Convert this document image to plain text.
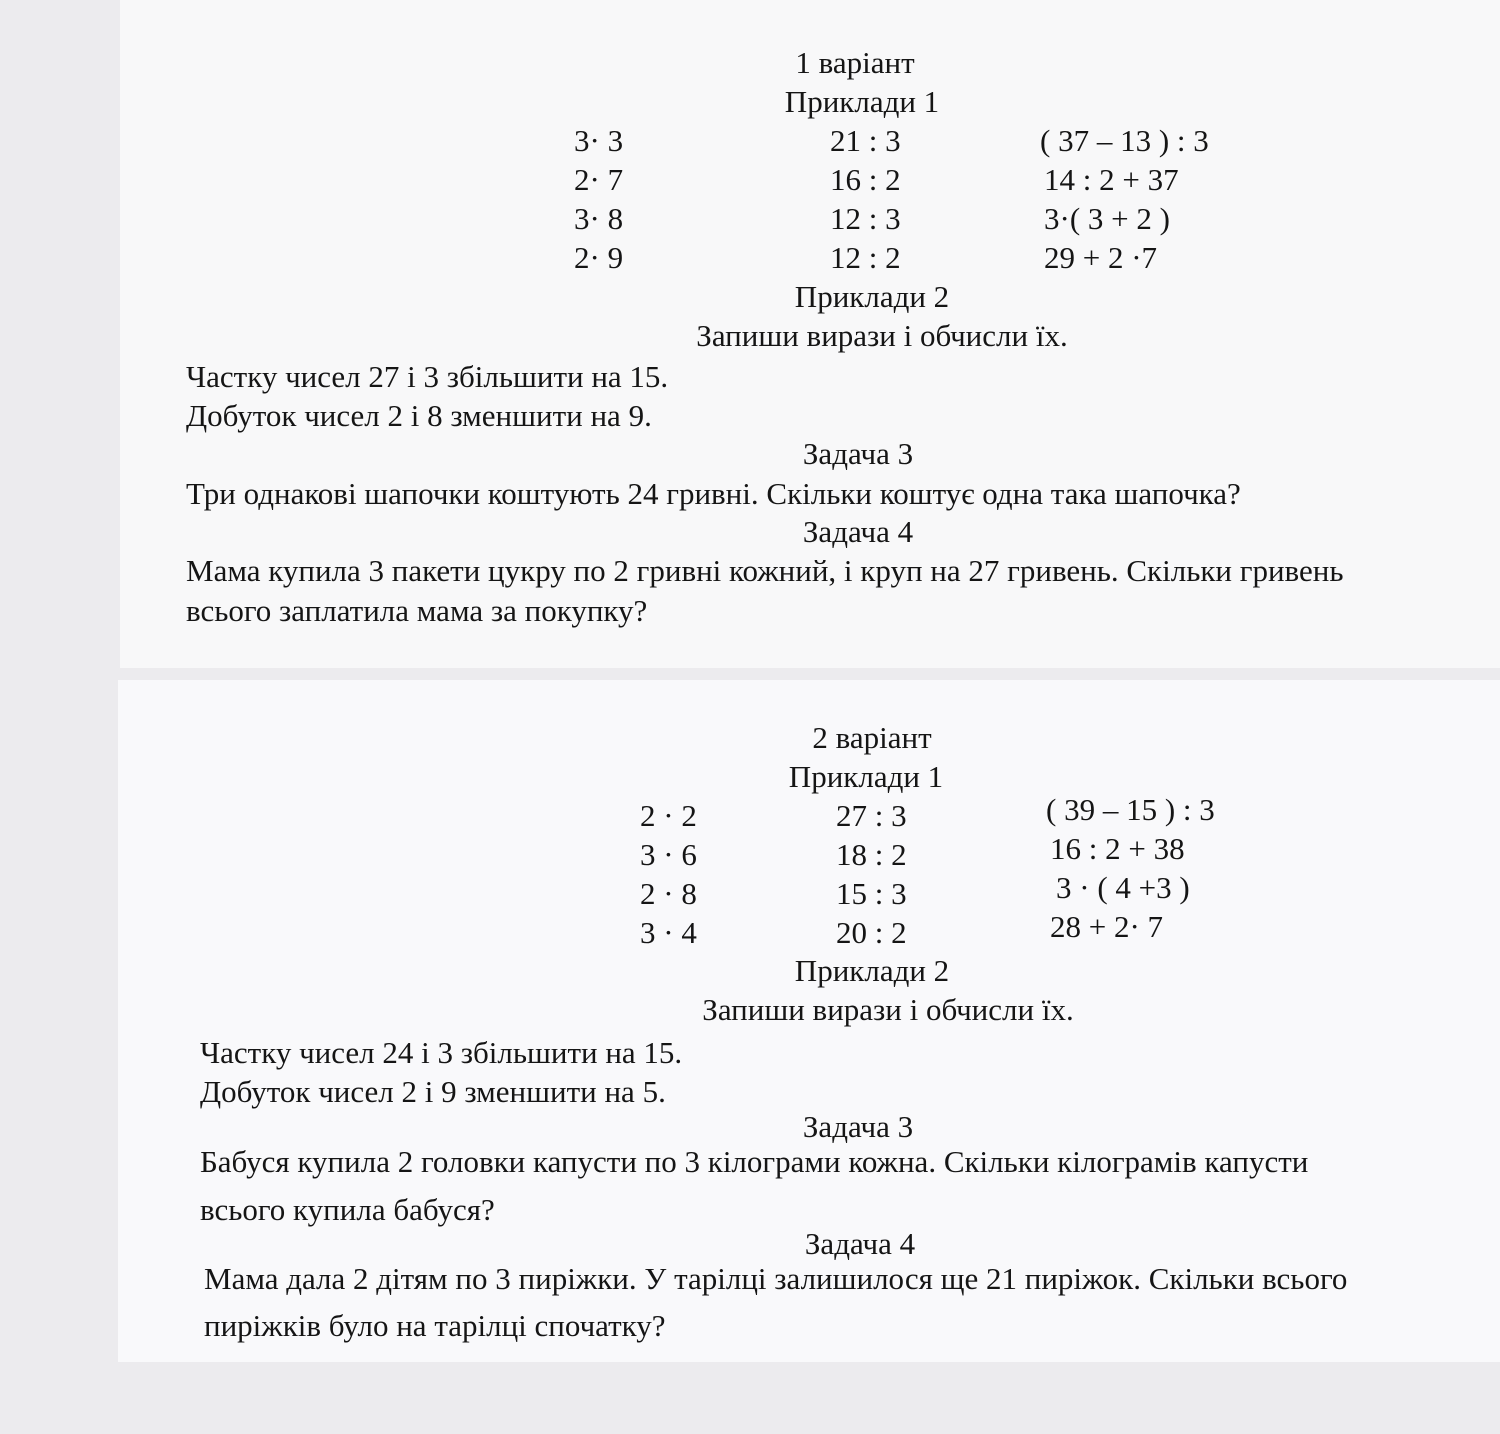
1 варіант
Приклади 1
3· 3	21 : 3	( 37 – 13 ) : 3
2· 7	16 : 2	14 : 2 + 37
3· 8	12 : 3	3·( 3 + 2 )
2· 9	12 : 2	29 + 2 ·7
Приклади 2
Запиши вирази і обчисли їх.
Частку чисел 27 і 3 збільшити на 15.
Добуток чисел 2 і 8 зменшити на 9.
Задача 3
Три однакові шапочки коштують 24 гривні. Скільки коштує одна така шапочка?
Задача 4
Мама купила 3 пакети цукру по 2 гривні кожний, і круп на 27 гривень. Скільки гривень
всього заплатила мама за покупку?
2 варіант
Приклади 1
2 · 2	27 : 3	( 39 – 15 ) : 3
3 · 6	18 : 2	16 : 2 + 38
2 · 8	15 : 3	3 · ( 4 +3 )
3 · 4	20 : 2	28 + 2· 7
Приклади 2
Запиши вирази і обчисли їх.
Частку чисел 24 і 3 збільшити на 15.
Добуток чисел 2 і 9 зменшити на 5.
Задача 3
Бабуся купила 2 головки капусти по 3 кілограми кожна. Скільки кілограмів капусти
всього купила бабуся?
Задача 4
Мама дала 2 дітям по 3 пиріжки. У тарілці залишилося ще 21 пиріжок. Скільки всього
пиріжків було на тарілці спочатку?
